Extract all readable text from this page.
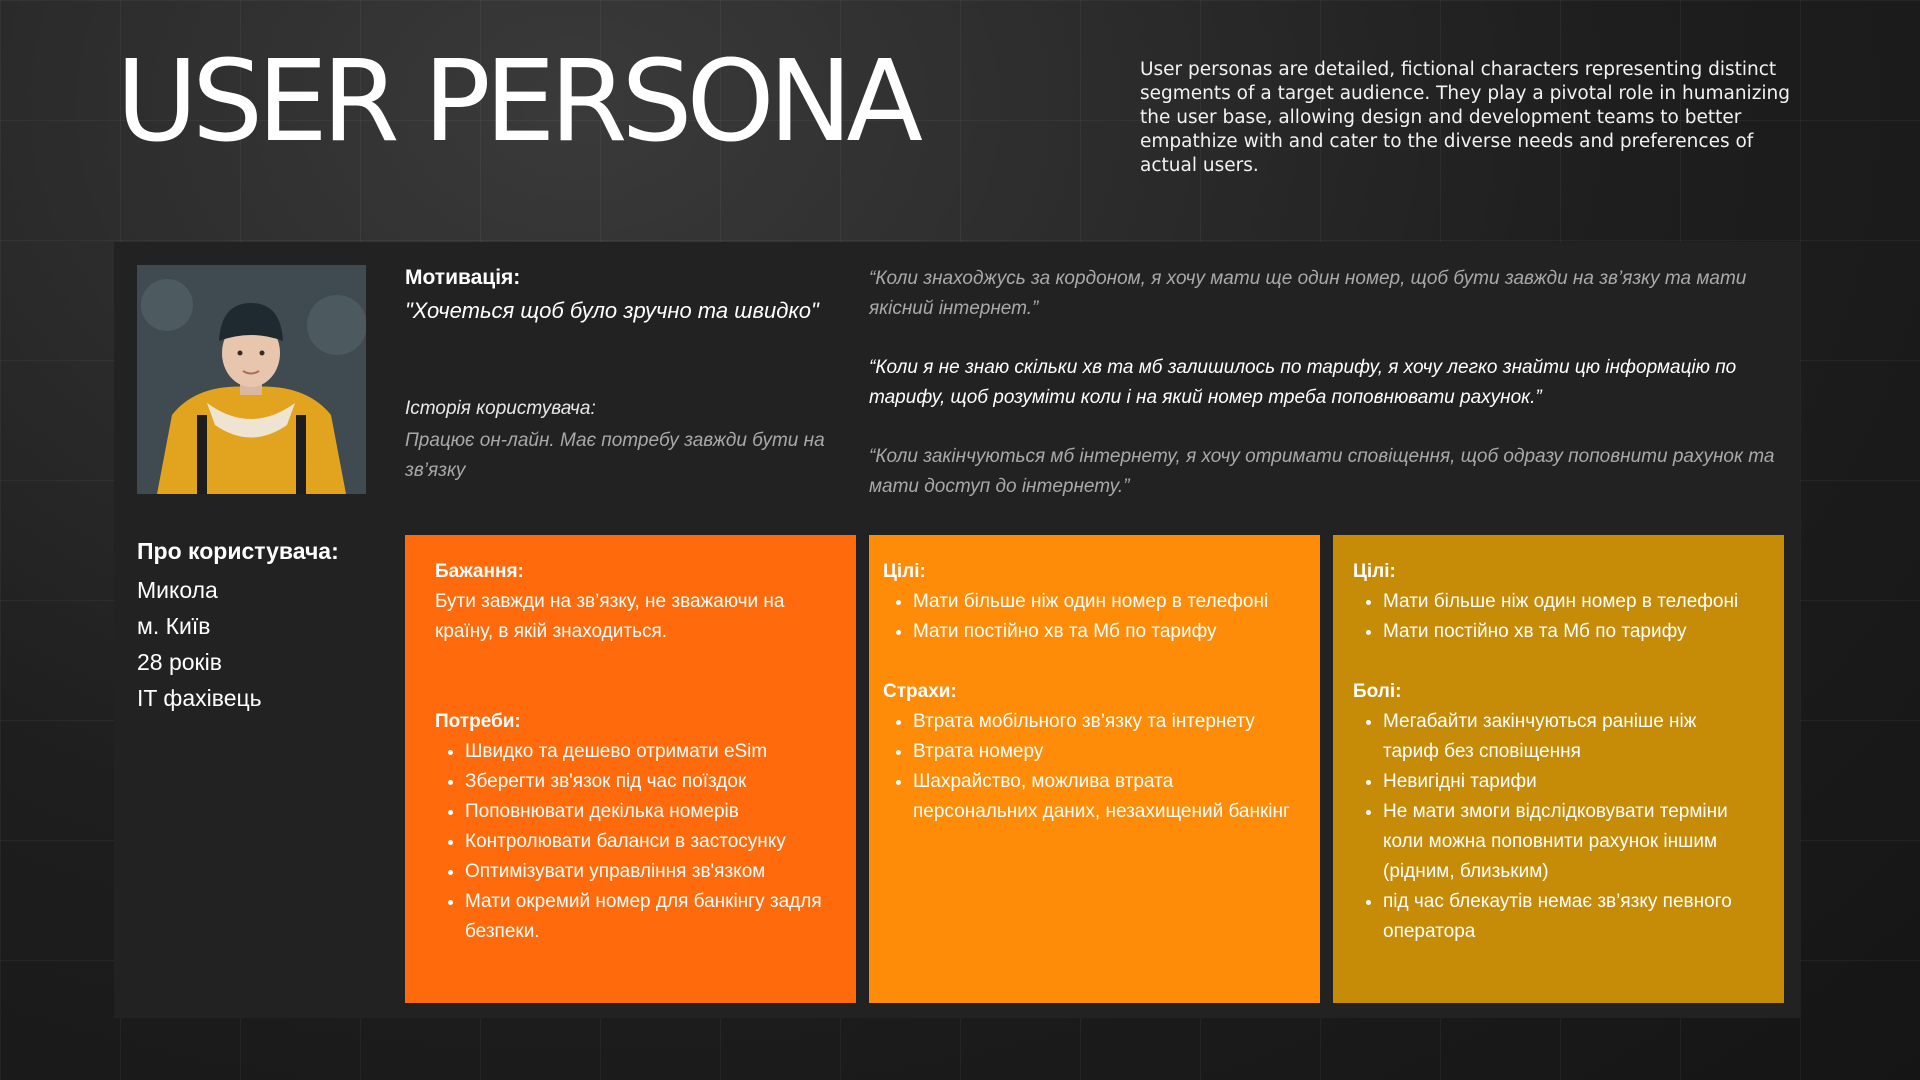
USER PERSONA	User personas are detailed, fictional characters representing distinct segments of a target audience. They play a pivotal role in humanizing the user base, allowing design and development teams to better empathize with and cater to the diverse needs and preferences of actual users.

Мотивація:

"Хочеться щоб було зручно та швидко"

Історія користувача:

Працює он-лайн. Має потребу завжди бути на зв’язку

“Коли знаходжусь за кордоном, я хочу мати ще один номер, щоб бути завжди на зв’язку та мати якісний інтернет.”

“Коли я не знаю скільки хв та мб залишилось по тарифу, я хочу легко знайти цю інформацію по тарифу, щоб розуміти коли і на який номер треба поповнювати рахунок.”

“Коли закінчуються мб інтернету, я хочу отримати сповіщення, щоб одразу поповнити рахунок та мати доступ до інтернету.”

Про користувача:
Микола
м. Київ
28 років
IT фахівець
Бажання:

Бути завжди на зв’язку, не зважаючи на країну, в якій знаходиться.

Потреби:
• Швидко та дешево отримати eSim
• Зберегти зв'язок під час поїздок
• Поповнювати декілька номерів
• Контролювати баланси в застосунку
• Оптимізувати управління зв'язком
• Мати окремий номер для банкінгу задля безпеки.
Цілі:
• Мати більше ніж один номер в телефоні
• Мати постійно хв та Мб по тарифу
Страхи:
• Втрата мобільного зв’язку та інтернету
• Втрата номеру
• Шахрайство, можлива втрата персональних даних, незахищений банкінг
Цілі:
• Мати більше ніж один номер в телефоні
• Мати постійно хв та Мб по тарифу
Болі:
• Мегабайти закінчуються раніше ніж тариф без сповіщення
• Невигідні тарифи
• Не мати змоги відслідковувати терміни коли можна поповнити рахунок іншим (рідним, близьким)
• під час блекаутів немає зв’язку певного оператора
